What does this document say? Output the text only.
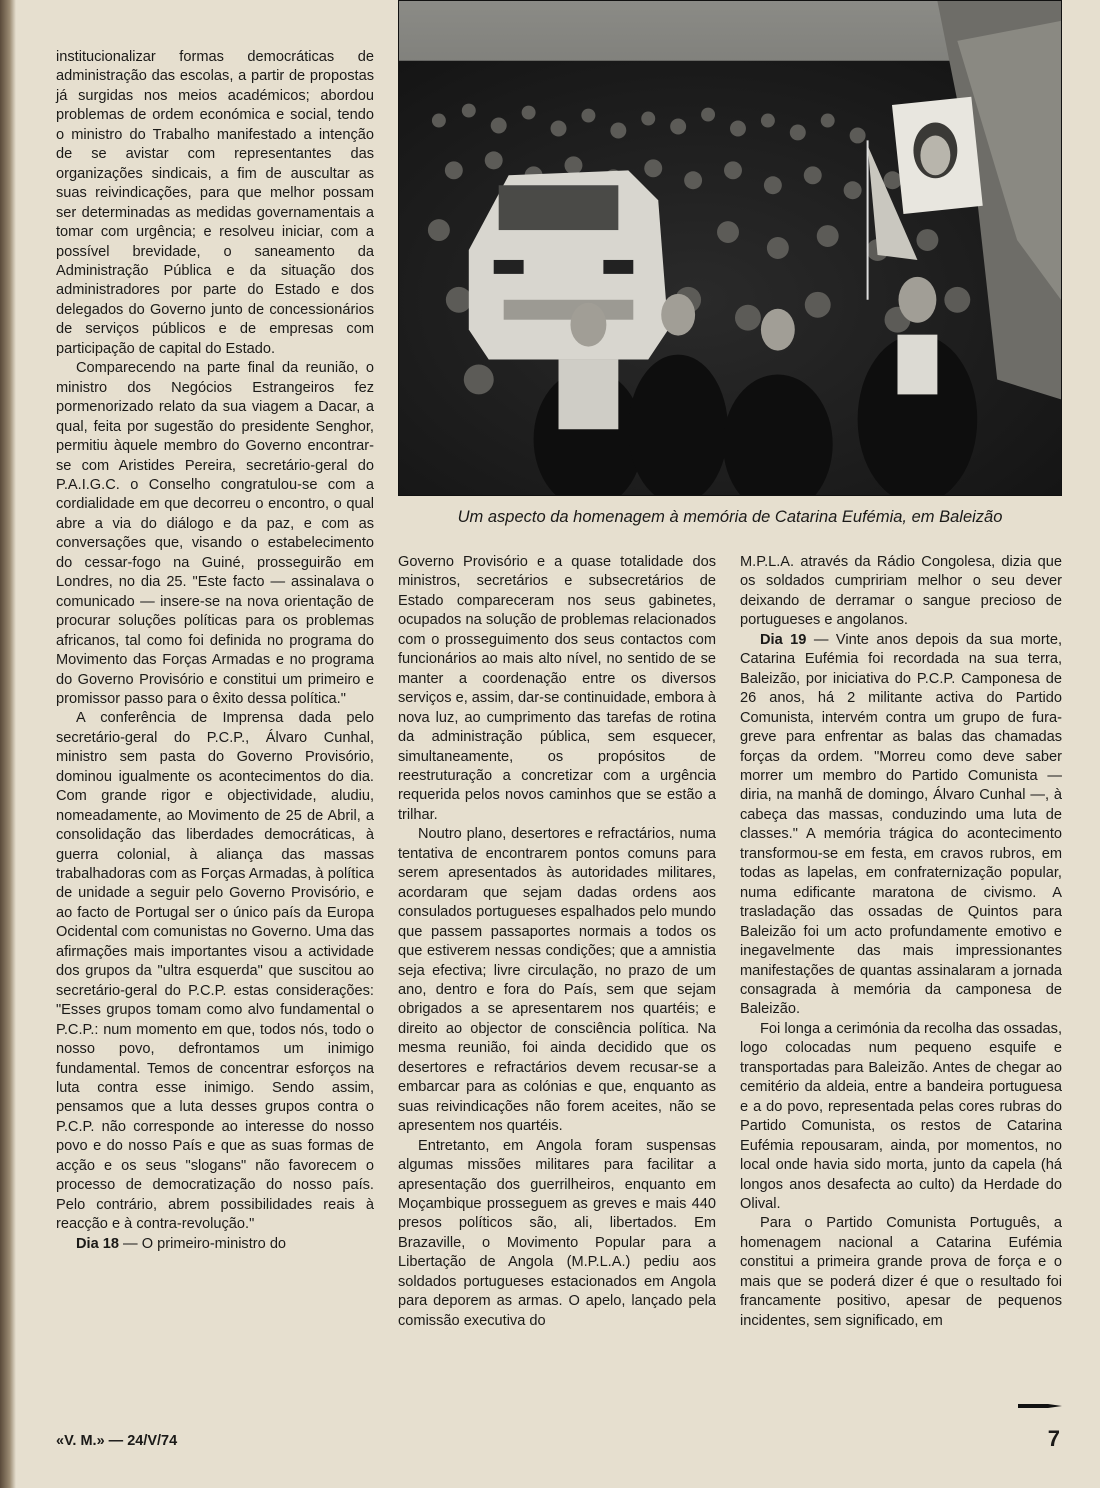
institucionalizar formas democráticas de administração das escolas, a partir de propostas já surgidas nos meios académicos; abordou problemas de ordem económica e social, tendo o ministro do Trabalho manifestado a intenção de se avistar com representantes das organizações sindicais, a fim de auscultar as suas reivindicações, para que melhor possam ser determinadas as medidas governamentais a tomar com urgência; e resolveu iniciar, com a possível brevidade, o saneamento da Administração Pública e da situação dos administradores por parte do Estado e dos delegados do Governo junto de concessionários de serviços públicos e de empresas com participação de capital do Estado.

Comparecendo na parte final da reunião, o ministro dos Negócios Estrangeiros fez pormenorizado relato da sua viagem a Dacar, a qual, feita por sugestão do presidente Senghor, permitiu àquele membro do Governo encontrar-se com Aristides Pereira, secretário-geral do P.A.I.G.C. o Conselho congratulou-se com a cordialidade em que decorreu o encontro, o qual abre a via do diálogo e da paz, e com as conversações que, visando o estabelecimento do cessar-fogo na Guiné, prosseguirão em Londres, no dia 25. "Este facto — assinalava o comunicado — insere-se na nova orientação de procurar soluções políticas para os problemas africanos, tal como foi definida no programa do Movimento das Forças Armadas e no programa do Governo Provisório e constitui um primeiro e promissor passo para o êxito dessa política."

A conferência de Imprensa dada pelo secretário-geral do P.C.P., Álvaro Cunhal, ministro sem pasta do Governo Provisório, dominou igualmente os acontecimentos do dia. Com grande rigor e objectividade, aludiu, nomeadamente, ao Movimento de 25 de Abril, a consolidação das liberdades democráticas, à guerra colonial, à aliança das massas trabalhadoras com as Forças Armadas, à política de unidade a seguir pelo Governo Provisório, e ao facto de Portugal ser o único país da Europa Ocidental com comunistas no Governo. Uma das afirmações mais importantes visou a actividade dos grupos da "ultra esquerda" que suscitou ao secretário-geral do P.C.P. estas considerações: "Esses grupos tomam como alvo fundamental o P.C.P.: num momento em que, todos nós, todo o nosso povo, defrontamos um inimigo fundamental. Temos de concentrar esforços na luta contra esse inimigo. Sendo assim, pensamos que a luta desses grupos contra o P.C.P. não corresponde ao interesse do nosso povo e do nosso País e que as suas formas de acção e os seus "slogans" não favorecem o processo de democratização do nosso país. Pelo contrário, abrem possibilidades reais à reacção e à contra-revolução."

Dia 18 — O primeiro-ministro do

Um aspecto da homenagem à memória de Catarina Eufémia, em Baleizão

Governo Provisório e a quase totalidade dos ministros, secretários e subsecretários de Estado compareceram nos seus gabinetes, ocupados na solução de problemas relacionados com o prosseguimento dos seus contactos com funcionários ao mais alto nível, no sentido de se manter a coordenação entre os diversos serviços e, assim, dar-se continuidade, embora à nova luz, ao cumprimento das tarefas de rotina da administração pública, sem esquecer, simultaneamente, os propósitos de reestruturação a concretizar com a urgência requerida pelos novos caminhos que se estão a trilhar.

Noutro plano, desertores e refractários, numa tentativa de encontrarem pontos comuns para serem apresentados às autoridades militares, acordaram que sejam dadas ordens aos consulados portugueses espalhados pelo mundo que passem passaportes normais a todos os que estiverem nessas condições; que a amnistia seja efectiva; livre circulação, no prazo de um ano, dentro e fora do País, sem que sejam obrigados a se apresentarem nos quartéis; e direito ao objector de consciência política. Na mesma reunião, foi ainda decidido que os desertores e refractários devem recusar-se a embarcar para as colónias e que, enquanto as suas reivindicações não forem aceites, não se apresentem nos quartéis.

Entretanto, em Angola foram suspensas algumas missões militares para facilitar a apresentação dos guerrilheiros, enquanto em Moçambique prosseguem as greves e mais 440 presos políticos são, ali, libertados. Em Brazaville, o Movimento Popular para a Libertação de Angola (M.P.L.A.) pediu aos soldados portugueses estacionados em Angola para deporem as armas. O apelo, lançado pela comissão executiva do

M.P.L.A. através da Rádio Congolesa, dizia que os soldados cumpririam melhor o seu dever deixando de derramar o sangue precioso de portugueses e angolanos.

Dia 19 — Vinte anos depois da sua morte, Catarina Eufémia foi recordada na sua terra, Baleizão, por iniciativa do P.C.P. Camponesa de 26 anos, há 2 militante activa do Partido Comunista, intervém contra um grupo de fura-greve para enfrentar as balas das chamadas forças da ordem. "Morreu como deve saber morrer um membro do Partido Comunista — diria, na manhã de domingo, Álvaro Cunhal —, à cabeça das massas, conduzindo uma luta de classes." A memória trágica do acontecimento transformou-se em festa, em cravos rubros, em todas as lapelas, em confraternização popular, numa edificante maratona de civismo. A trasladação das ossadas de Quintos para Baleizão foi um acto profundamente emotivo e inegavelmente das mais impressionantes manifestações de quantas assinalaram a jornada consagrada à memória da camponesa de Baleizão.

Foi longa a cerimónia da recolha das ossadas, logo colocadas num pequeno esquife e transportadas para Baleizão. Antes de chegar ao cemitério da aldeia, entre a bandeira portuguesa e a do povo, representada pelas cores rubras do Partido Comunista, os restos de Catarina Eufémia repousaram, ainda, por momentos, no local onde havia sido morta, junto da capela (há longos anos desafecta ao culto) da Herdade do Olival.

Para o Partido Comunista Português, a homenagem nacional a Catarina Eufémia constitui a primeira grande prova de força e o mais que se poderá dizer é que o resultado foi francamente positivo, apesar de pequenos incidentes, sem significado, em

«V. M.» — 24/V/74	7
